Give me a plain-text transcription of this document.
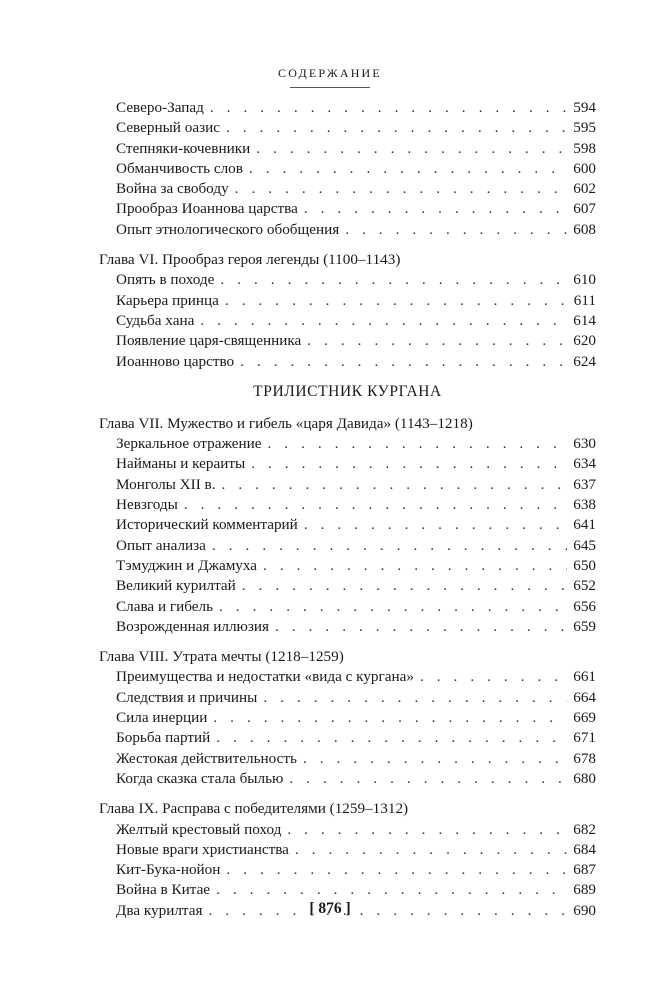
СОДЕРЖАНИЕ
Северо-Запад . . .	594
Северный оазис . . .	595
Степняки-кочевники . . .	598
Обманчивость слов . . .	600
Война за свободу . . .	602
Прообраз Иоаннова царства . . .	607
Опыт этнологического обобщения . . .	608
Глава VI. Прообраз героя легенды (1100–1143)
Опять в походе . . .	610
Карьера принца . . .	611
Судьба хана . . .	614
Появление царя-священника . . .	620
Иоанново царство . . .	624
ТРИЛИСТНИК КУРГАНА
Глава VII. Мужество и гибель «царя Давида» (1143–1218)
Зеркальное отражение . . .	630
Найманы и кераиты . . .	634
Монголы XII в. . . .	637
Невзгоды . . .	638
Исторический комментарий . . .	641
Опыт анализа . . .	645
Тэмуджин и Джамуха . . .	650
Великий курилтай . . .	652
Слава и гибель . . .	656
Возрожденная иллюзия . . .	659
Глава VIII. Утрата мечты (1218–1259)
Преимущества и недостатки «вида с кургана» . . .	661
Следствия и причины . . .	664
Сила инерции . . .	669
Борьба партий . . .	671
Жестокая действительность . . .	678
Когда сказка стала былью . . .	680
Глава IX. Расправа с победителями (1259–1312)
Желтый крестовый поход . . .	682
Новые враги христианства . . .	684
Кит-Бука-нойон . . .	687
Война в Китае . . .	689
Два курилтая . . .	690
[ 876 ]
